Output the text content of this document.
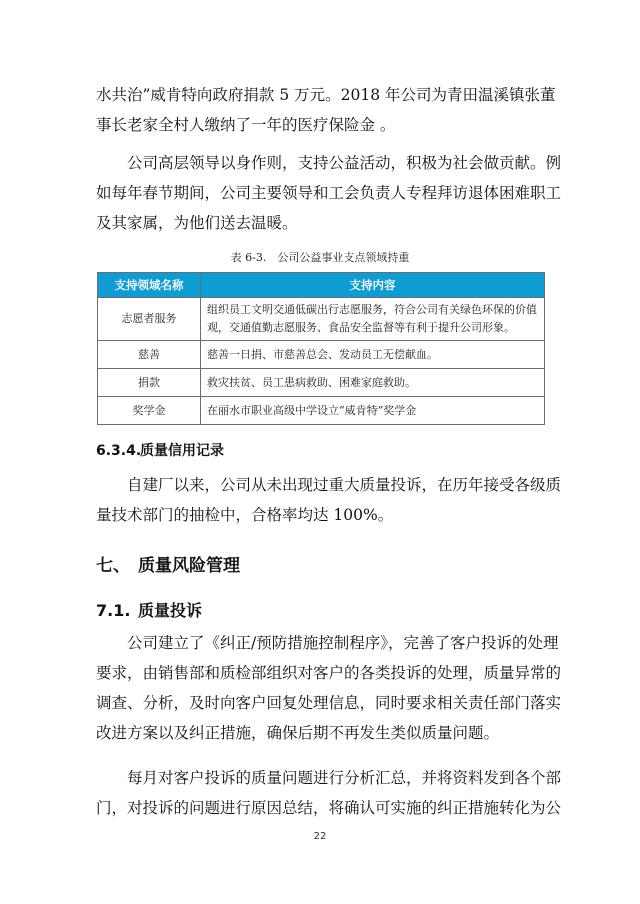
水共治”威肯特向政府捐款 5 万元。2018 年公司为青田温溪镇张董
事长老家全村人缴纳了一年的医疗保险金 。
公司高层领导以身作则，支持公益活动，积极为社会做贡献。例
如每年春节期间，公司主要领导和工会负责人专程拜访退体困难职工
及其家属，为他们送去温暖。
表 6-3.　公司公益事业支点领域持重
支持领域名称	支持内容
志愿者服务	组织员工文明交通低碳出行志愿服务，符合公司有关绿色环保的价值观，交通值勤志愿服务、食品安全监督等有利于提升公司形象。
慈善	慈善一日捐、市慈善总会、发动员工无偿献血。
捐款	救灾扶贫、员工患病救助、困难家庭救助。
奖学金	在丽水市职业高级中学设立“威肯特”奖学金
6.3.4.质量信用记录
自建厂以来，公司从未出现过重大质量投诉，在历年接受各级质
量技术部门的抽检中，合格率均达 100%。
七、 质量风险管理
7.1. 质量投诉
公司建立了《纠正/预防措施控制程序》，完善了客户投诉的处理
要求，由销售部和质检部组织对客户的各类投诉的处理，质量异常的
调查、分析，及时向客户回复处理信息，同时要求相关责任部门落实
改进方案以及纠正措施，确保后期不再发生类似质量问题。
每月对客户投诉的质量问题进行分析汇总，并将资料发到各个部
门，对投诉的问题进行原因总结，将确认可实施的纠正措施转化为公
22
